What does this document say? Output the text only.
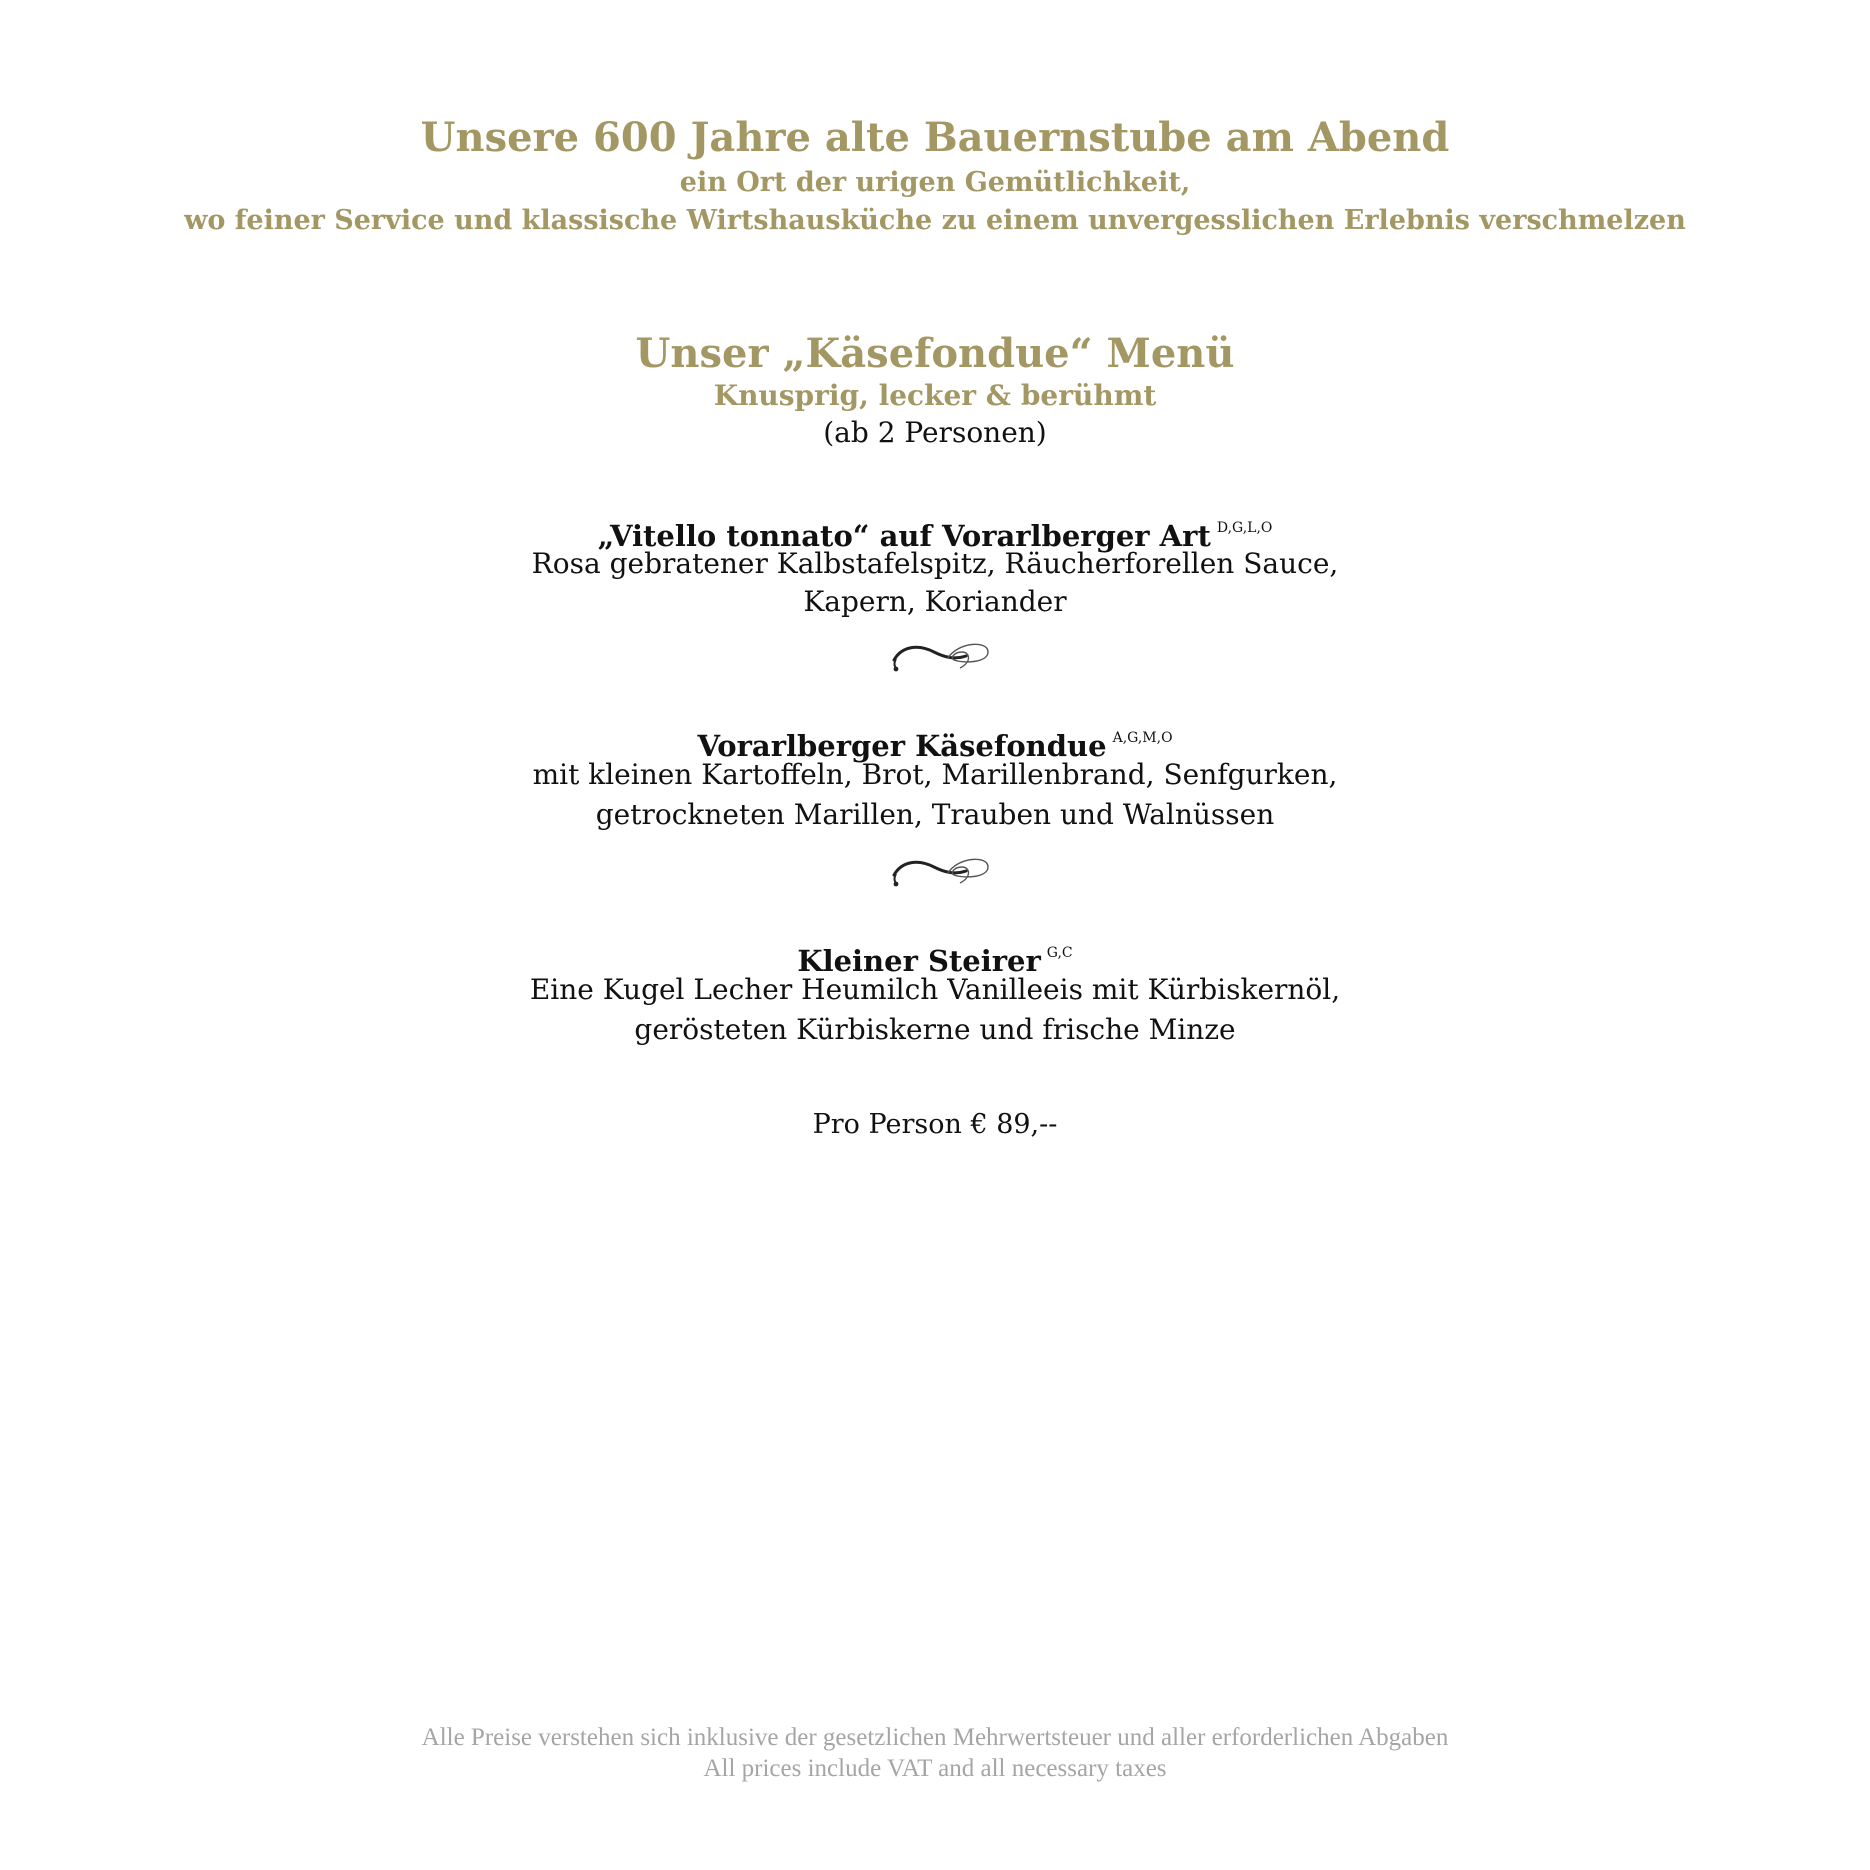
Unsere 600 Jahre alte Bauernstube am Abend
ein Ort der urigen Gemütlichkeit,
wo feiner Service und klassische Wirtshausküche zu einem unvergesslichen Erlebnis verschmelzen
Unser „Käsefondue“ Menü
Knusprig, lecker & berühmt
(ab 2 Personen)
„Vitello tonnato“ auf Vorarlberger Art $^{D,G,L,O}$
Rosa gebratener Kalbstafelspitz, Räucherforellen Sauce,
Kapern, Koriander
Vorarlberger Käsefondue $^{A,G,M,O}$
mit kleinen Kartoffeln, Brot, Marillenbrand, Senfgurken,
getrockneten Marillen, Trauben und Walnüssen
Kleiner Steirer $^{G,C}$
Eine Kugel Lecher Heumilch Vanilleeis mit Kürbiskernöl,
gerösteten Kürbiskerne und frische Minze
Pro Person € 89,--
Alle Preise verstehen sich inklusive der gesetzlichen Mehrwertsteuer und aller erforderlichen Abgaben
All prices include VAT and all necessary taxes
